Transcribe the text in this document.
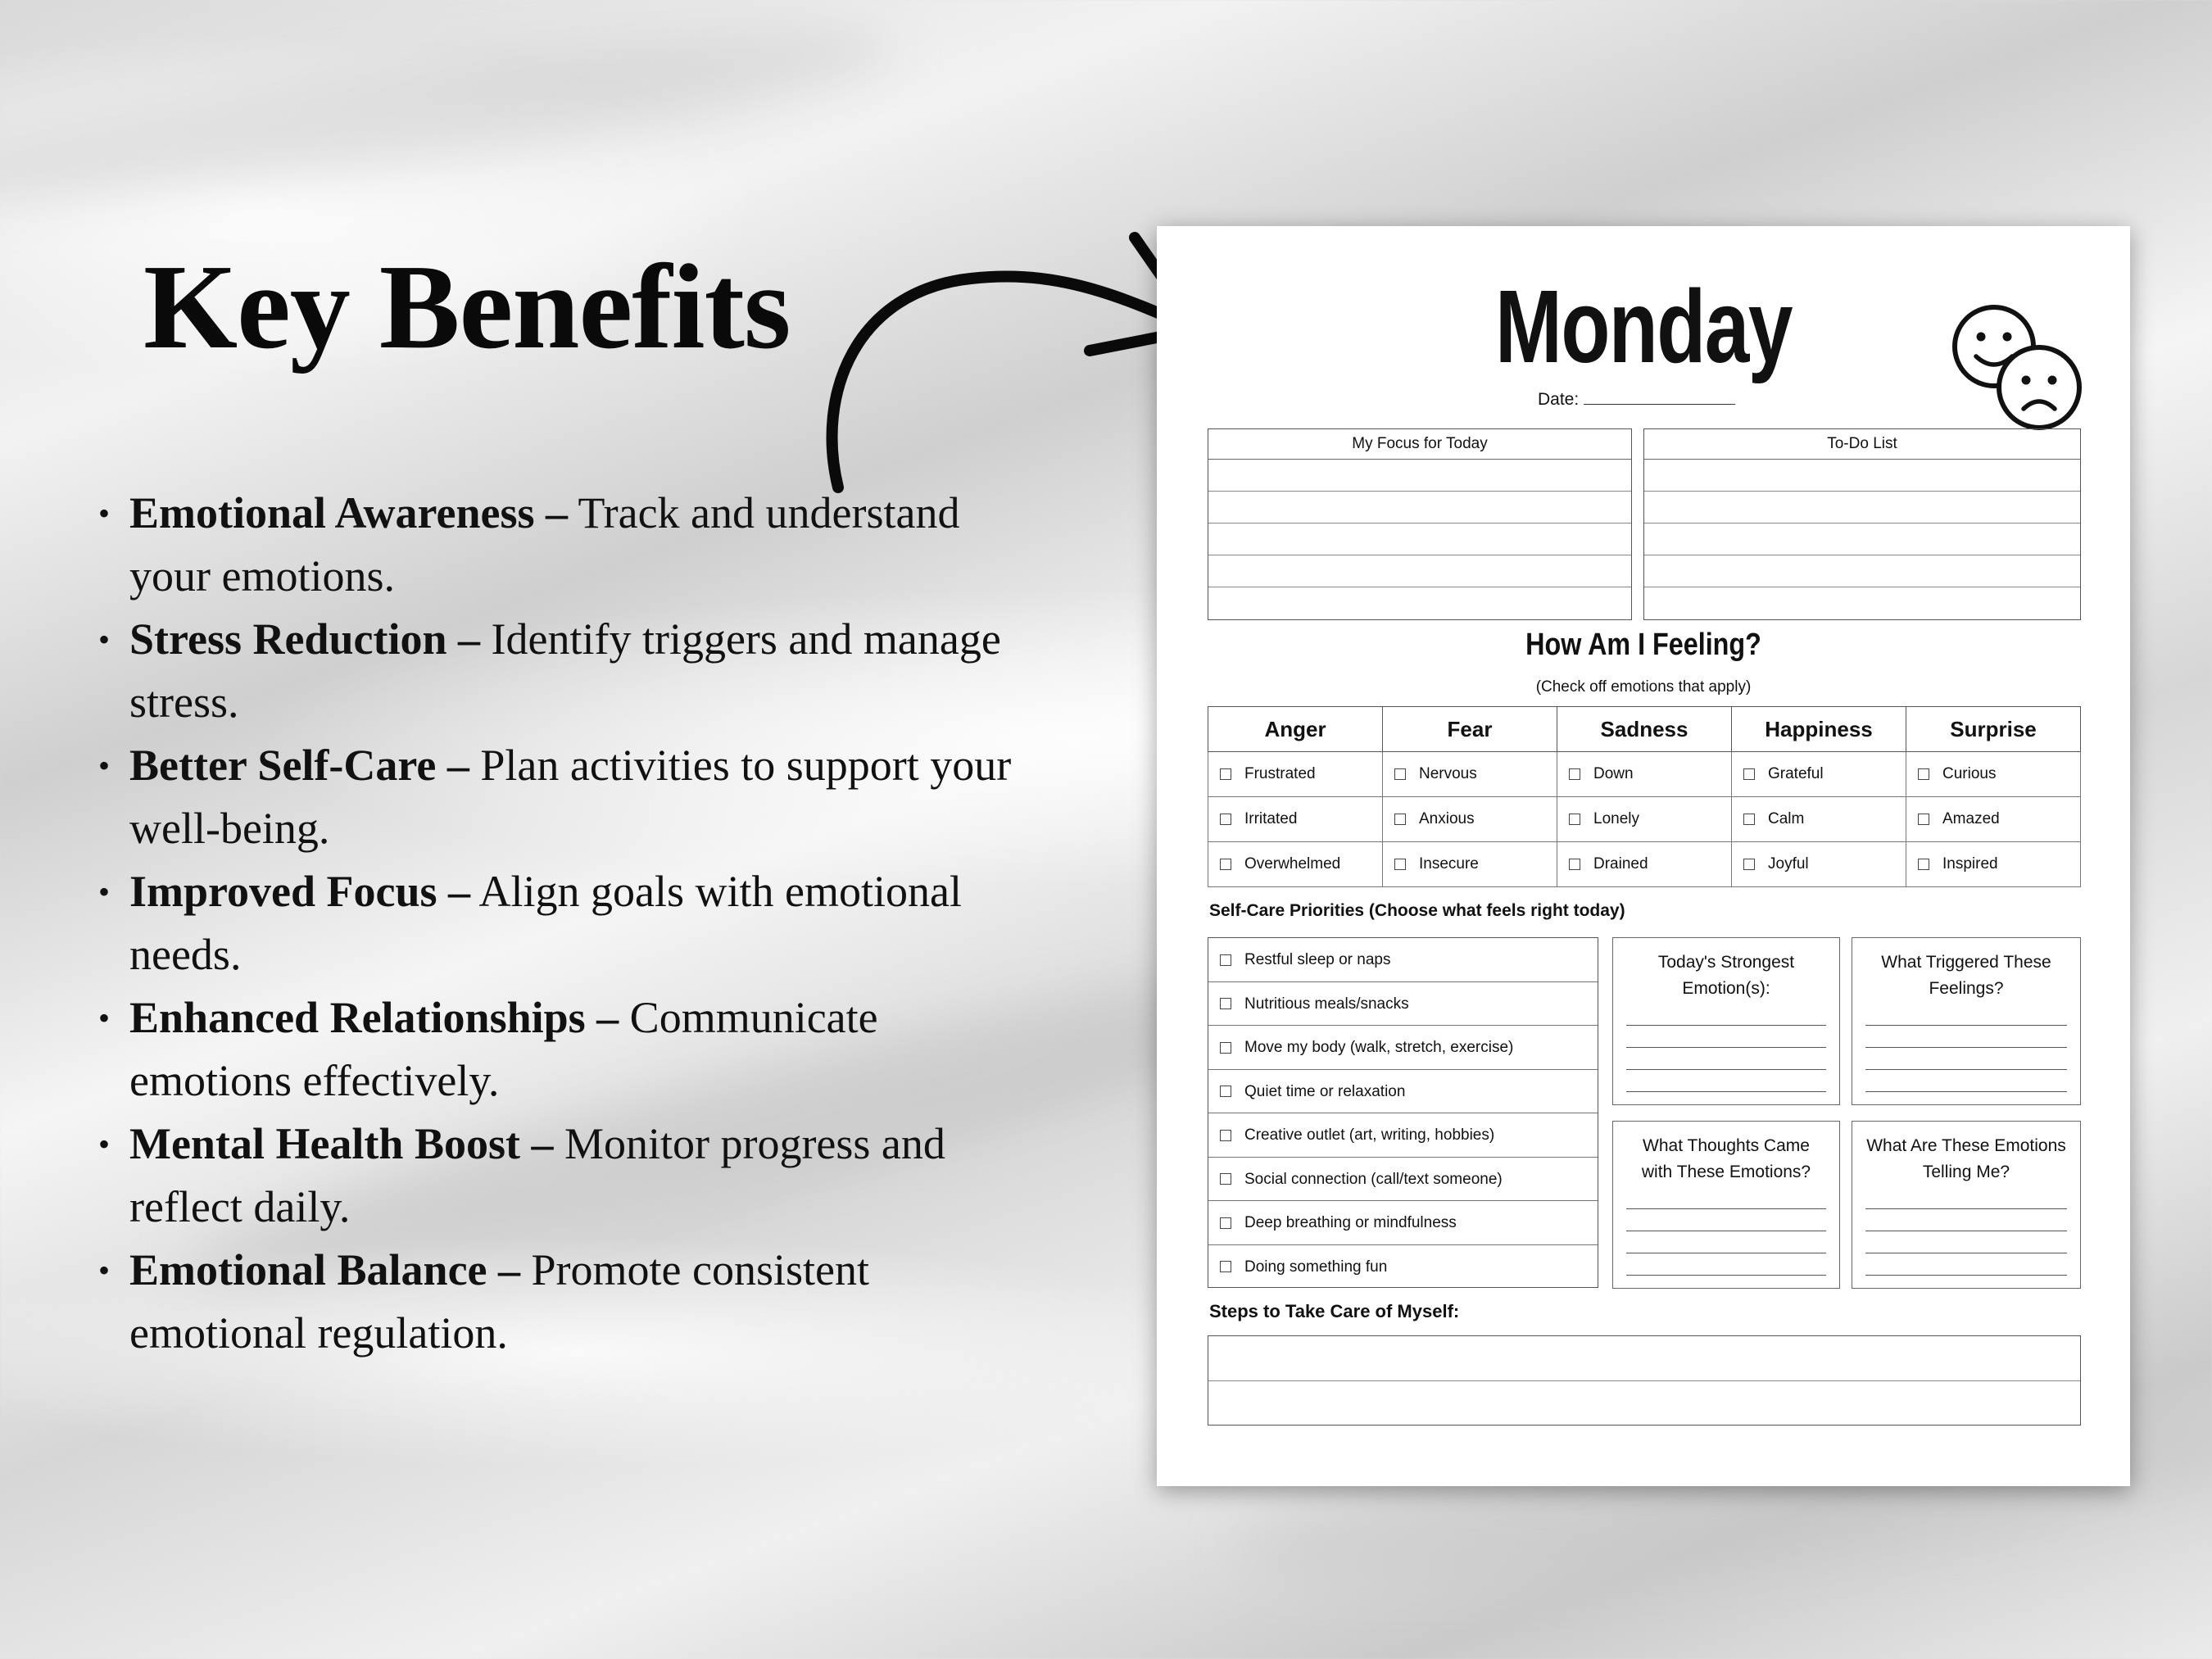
Key Benefits
• Emotional Awareness – Track and understand your emotions.
• Stress Reduction – Identify triggers and manage stress.
• Better Self-Care – Plan activities to support your well-being.
• Improved Focus – Align goals with emotional needs.
• Enhanced Relationships – Communicate emotions effectively.
• Mental Health Boost – Monitor progress and reflect daily.
• Emotional Balance – Promote consistent emotional regulation.
Monday
Date:
My Focus for Today	To-Do List
How Am I Feeling?
(Check off emotions that apply)
Anger	Fear	Sadness	Happiness	Surprise
Frustrated	Nervous	Down	Grateful	Curious
Irritated	Anxious	Lonely	Calm	Amazed
Overwhelmed	Insecure	Drained	Joyful	Inspired
Self-Care Priorities (Choose what feels right today)
Restful sleep or naps
Nutritious meals/snacks
Move my body (walk, stretch, exercise)
Quiet time or relaxation
Creative outlet (art, writing, hobbies)
Social connection (call/text someone)
Deep breathing or mindfulness
Doing something fun
Today's Strongest Emotion(s):
What Triggered These Feelings?
What Thoughts Came with These Emotions?
What Are These Emotions Telling Me?
Steps to Take Care of Myself:
